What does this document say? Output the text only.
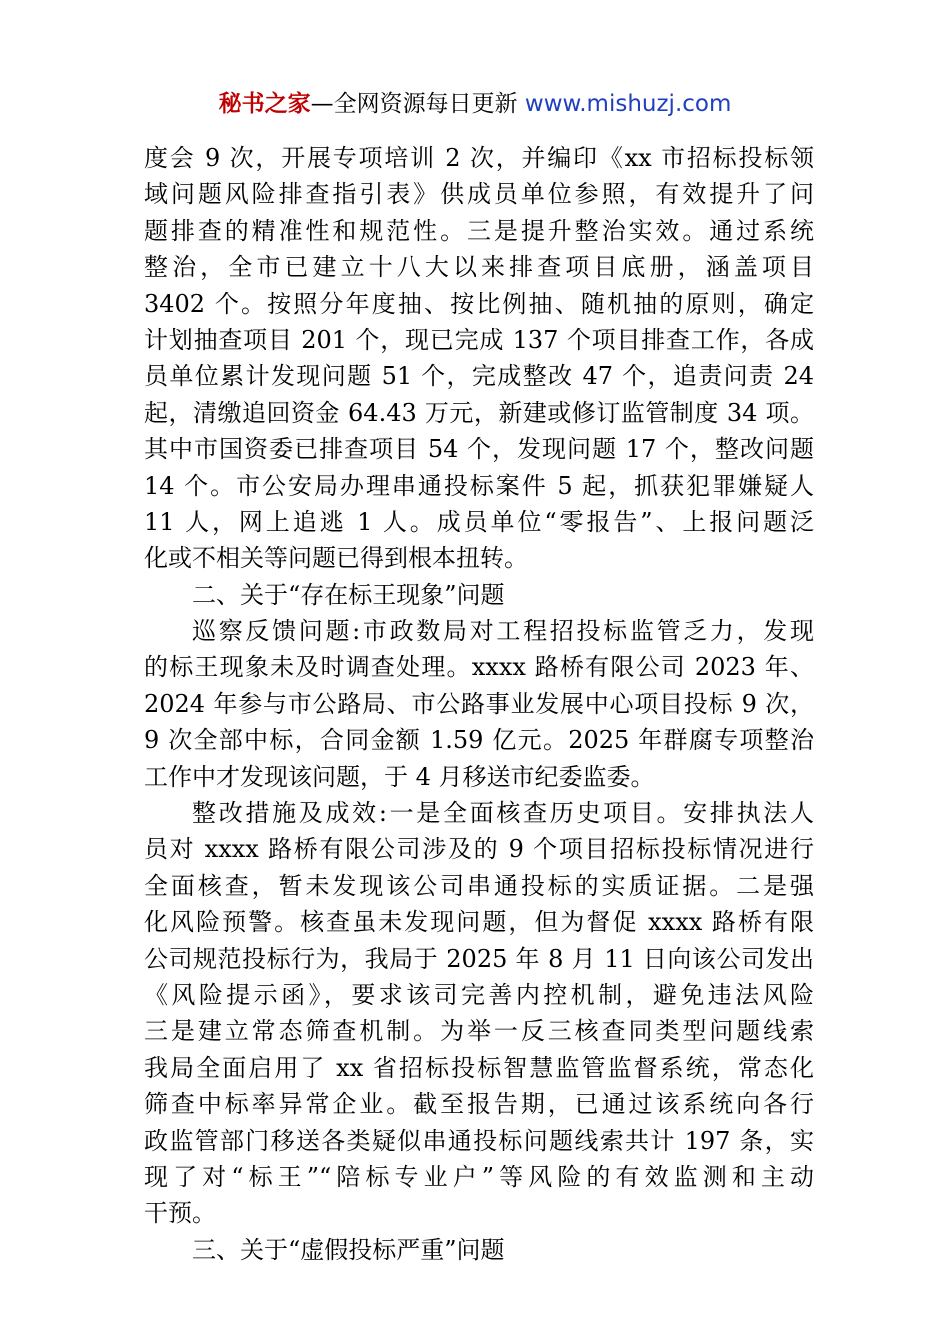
秘书之家—全网资源每日更新 www.mishuzj.com
度会 9 次，开展专项培训 2 次，并编印《xx 市招标投标领
域问题风险排查指引表》供成员单位参照，有效提升了问
题排查的精准性和规范性。三是提升整治实效。通过系统
整治，全市已建立十八大以来排查项目底册，涵盖项目
3402 个。按照分年度抽、按比例抽、随机抽的原则，确定
计划抽查项目 201 个，现已完成 137 个项目排查工作，各成
员单位累计发现问题 51 个，完成整改 47 个，追责问责 24
起，清缴追回资金 64.43 万元，新建或修订监管制度 34 项。
其中市国资委已排查项目 54 个，发现问题 17 个，整改问题
14 个。市公安局办理串通投标案件 5 起，抓获犯罪嫌疑人
11 人，网上追逃 1 人。成员单位“零报告”、上报问题泛
化或不相关等问题已得到根本扭转。
二、关于“存在标王现象”问题
巡察反馈问题:市政数局对工程招投标监管乏力，发现
的标王现象未及时调查处理。xxxx 路桥有限公司 2023 年、
2024 年参与市公路局、市公路事业发展中心项目投标 9 次，
9 次全部中标，合同金额 1.59 亿元。2025 年群腐专项整治
工作中才发现该问题，于 4 月移送市纪委监委。
整改措施及成效:一是全面核查历史项目。安排执法人
员对 xxxx 路桥有限公司涉及的 9 个项目招标投标情况进行
全面核查，暂未发现该公司串通投标的实质证据。二是强
化风险预警。核查虽未发现问题，但为督促 xxxx 路桥有限
公司规范投标行为，我局于 2025 年 8 月 11 日向该公司发出
《风险提示函》，要求该司完善内控机制，避免违法风险
三是建立常态筛查机制。为举一反三核查同类型问题线索
我局全面启用了 xx 省招标投标智慧监管监督系统，常态化
筛查中标率异常企业。截至报告期，已通过该系统向各行
政监管部门移送各类疑似串通投标问题线索共计 197 条，实
现了对“标王”“陪标专业户”等风险的有效监测和主动
干预。
三、关于“虚假投标严重”问题
